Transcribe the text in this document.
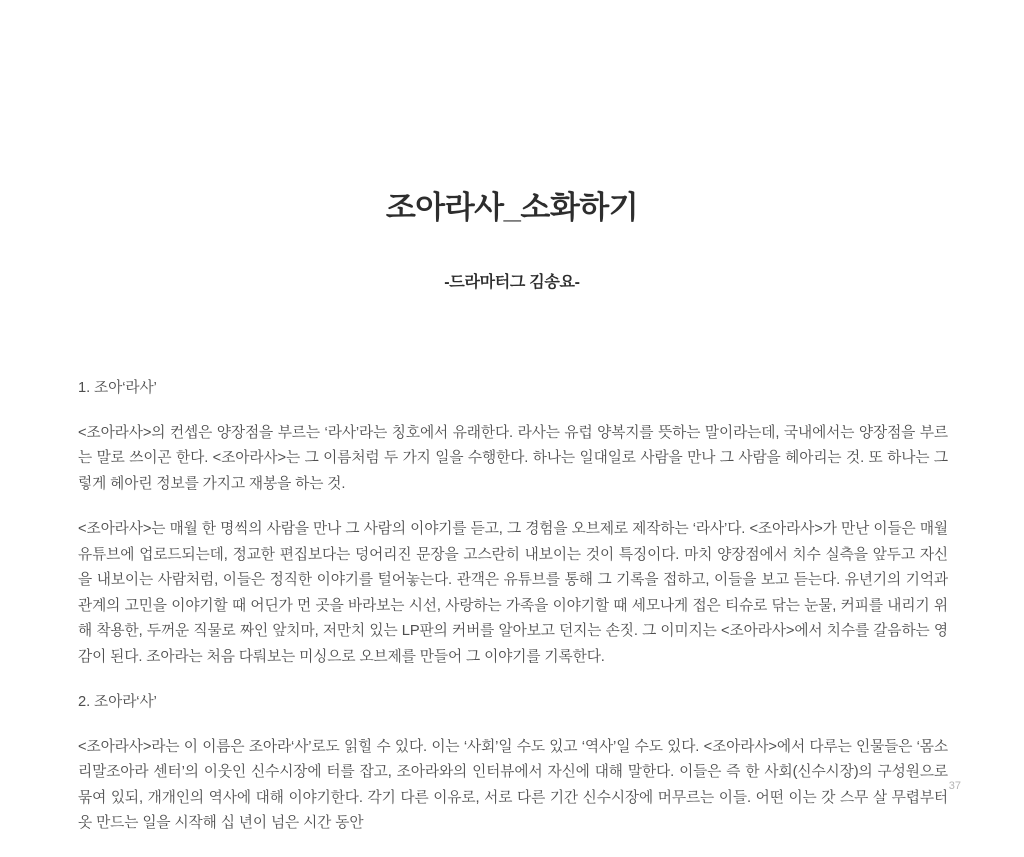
조아라사_소화하기
-드라마터그 김송요-

1. 조아‘라사’

<조아라사>의 컨셉은 양장점을 부르는 ‘라사’라는 칭호에서 유래한다. 라사는 유럽 양복지를 뜻하는 말이라는데, 국내에서는 양장점을 부르는 말로 쓰이곤 한다. <조아라사>는 그 이름처럼 두 가지 일을 수행한다. 하나는 일대일로 사람을 만나 그 사람을 헤아리는 것. 또 하나는 그렇게 헤아린 정보를 가지고 재봉을 하는 것.

<조아라사>는 매월 한 명씩의 사람을 만나 그 사람의 이야기를 듣고, 그 경험을 오브제로 제작하는 ‘라사’다. <조아라사>가 만난 이들은 매월 유튜브에 업로드되는데, 정교한 편집보다는 덩어리진 문장을 고스란히 내보이는 것이 특징이다. 마치 양장점에서 치수 실측을 앞두고 자신을 내보이는 사람처럼, 이들은 정직한 이야기를 털어놓는다. 관객은 유튜브를 통해 그 기록을 접하고, 이들을 보고 듣는다. 유년기의 기억과 관계의 고민을 이야기할 때 어딘가 먼 곳을 바라보는 시선, 사랑하는 가족을 이야기할 때 세모나게 접은 티슈로 닦는 눈물, 커피를 내리기 위해 착용한, 두꺼운 직물로 짜인 앞치마, 저만치 있는 LP판의 커버를 알아보고 던지는 손짓. 그 이미지는 <조아라사>에서 치수를 갈음하는 영감이 된다. 조아라는 처음 다뤄보는 미싱으로 오브제를 만들어 그 이야기를 기록한다.

2. 조아라‘사’

<조아라사>라는 이 이름은 조아라‘사’로도 읽힐 수 있다. 이는 ‘사회’일 수도 있고 ‘역사’일 수도 있다. <조아라사>에서 다루는 인물들은 ‘몸소리말조아라 센터’의 이웃인 신수시장에 터를 잡고, 조아라와의 인터뷰에서 자신에 대해 말한다. 이들은 즉 한 사회(신수시장)의 구성원으로 묶여 있되, 개개인의 역사에 대해 이야기한다. 각기 다른 이유로, 서로 다른 기간 신수시장에 머무르는 이들. 어떤 이는 갓 스무 살 무렵부터 옷 만드는 일을 시작해 십 년이 넘은 시간 동안

37
